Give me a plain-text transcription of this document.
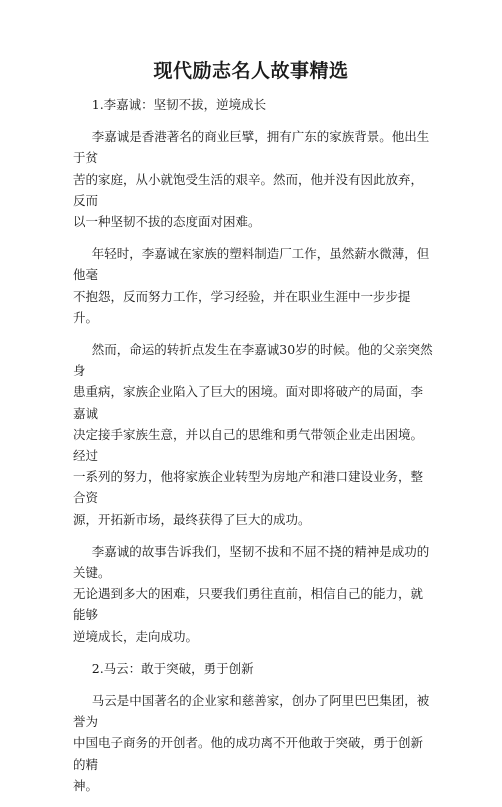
现代励志名人故事精选

1.李嘉诚：坚韧不拔，逆境成长

李嘉诚是香港著名的商业巨擘，拥有广东的家族背景。他出生于贫
苦的家庭，从小就饱受生活的艰辛。然而，他并没有因此放弃，反而
以一种坚韧不拔的态度面对困难。

年轻时，李嘉诚在家族的塑料制造厂工作，虽然薪水微薄，但他毫
不抱怨，反而努力工作，学习经验，并在职业生涯中一步步提升。

然而，命运的转折点发生在李嘉诚30岁的时候。他的父亲突然身
患重病，家族企业陷入了巨大的困境。面对即将破产的局面，李嘉诚
决定接手家族生意，并以自己的思维和勇气带领企业走出困境。经过
一系列的努力，他将家族企业转型为房地产和港口建设业务，整合资
源，开拓新市场，最终获得了巨大的成功。

李嘉诚的故事告诉我们，坚韧不拔和不屈不挠的精神是成功的关键。
无论遇到多大的困难，只要我们勇往直前，相信自己的能力，就能够
逆境成长，走向成功。

2.马云：敢于突破，勇于创新

马云是中国著名的企业家和慈善家，创办了阿里巴巴集团，被誉为
中国电子商务的开创者。他的成功离不开他敢于突破，勇于创新的精
神。
